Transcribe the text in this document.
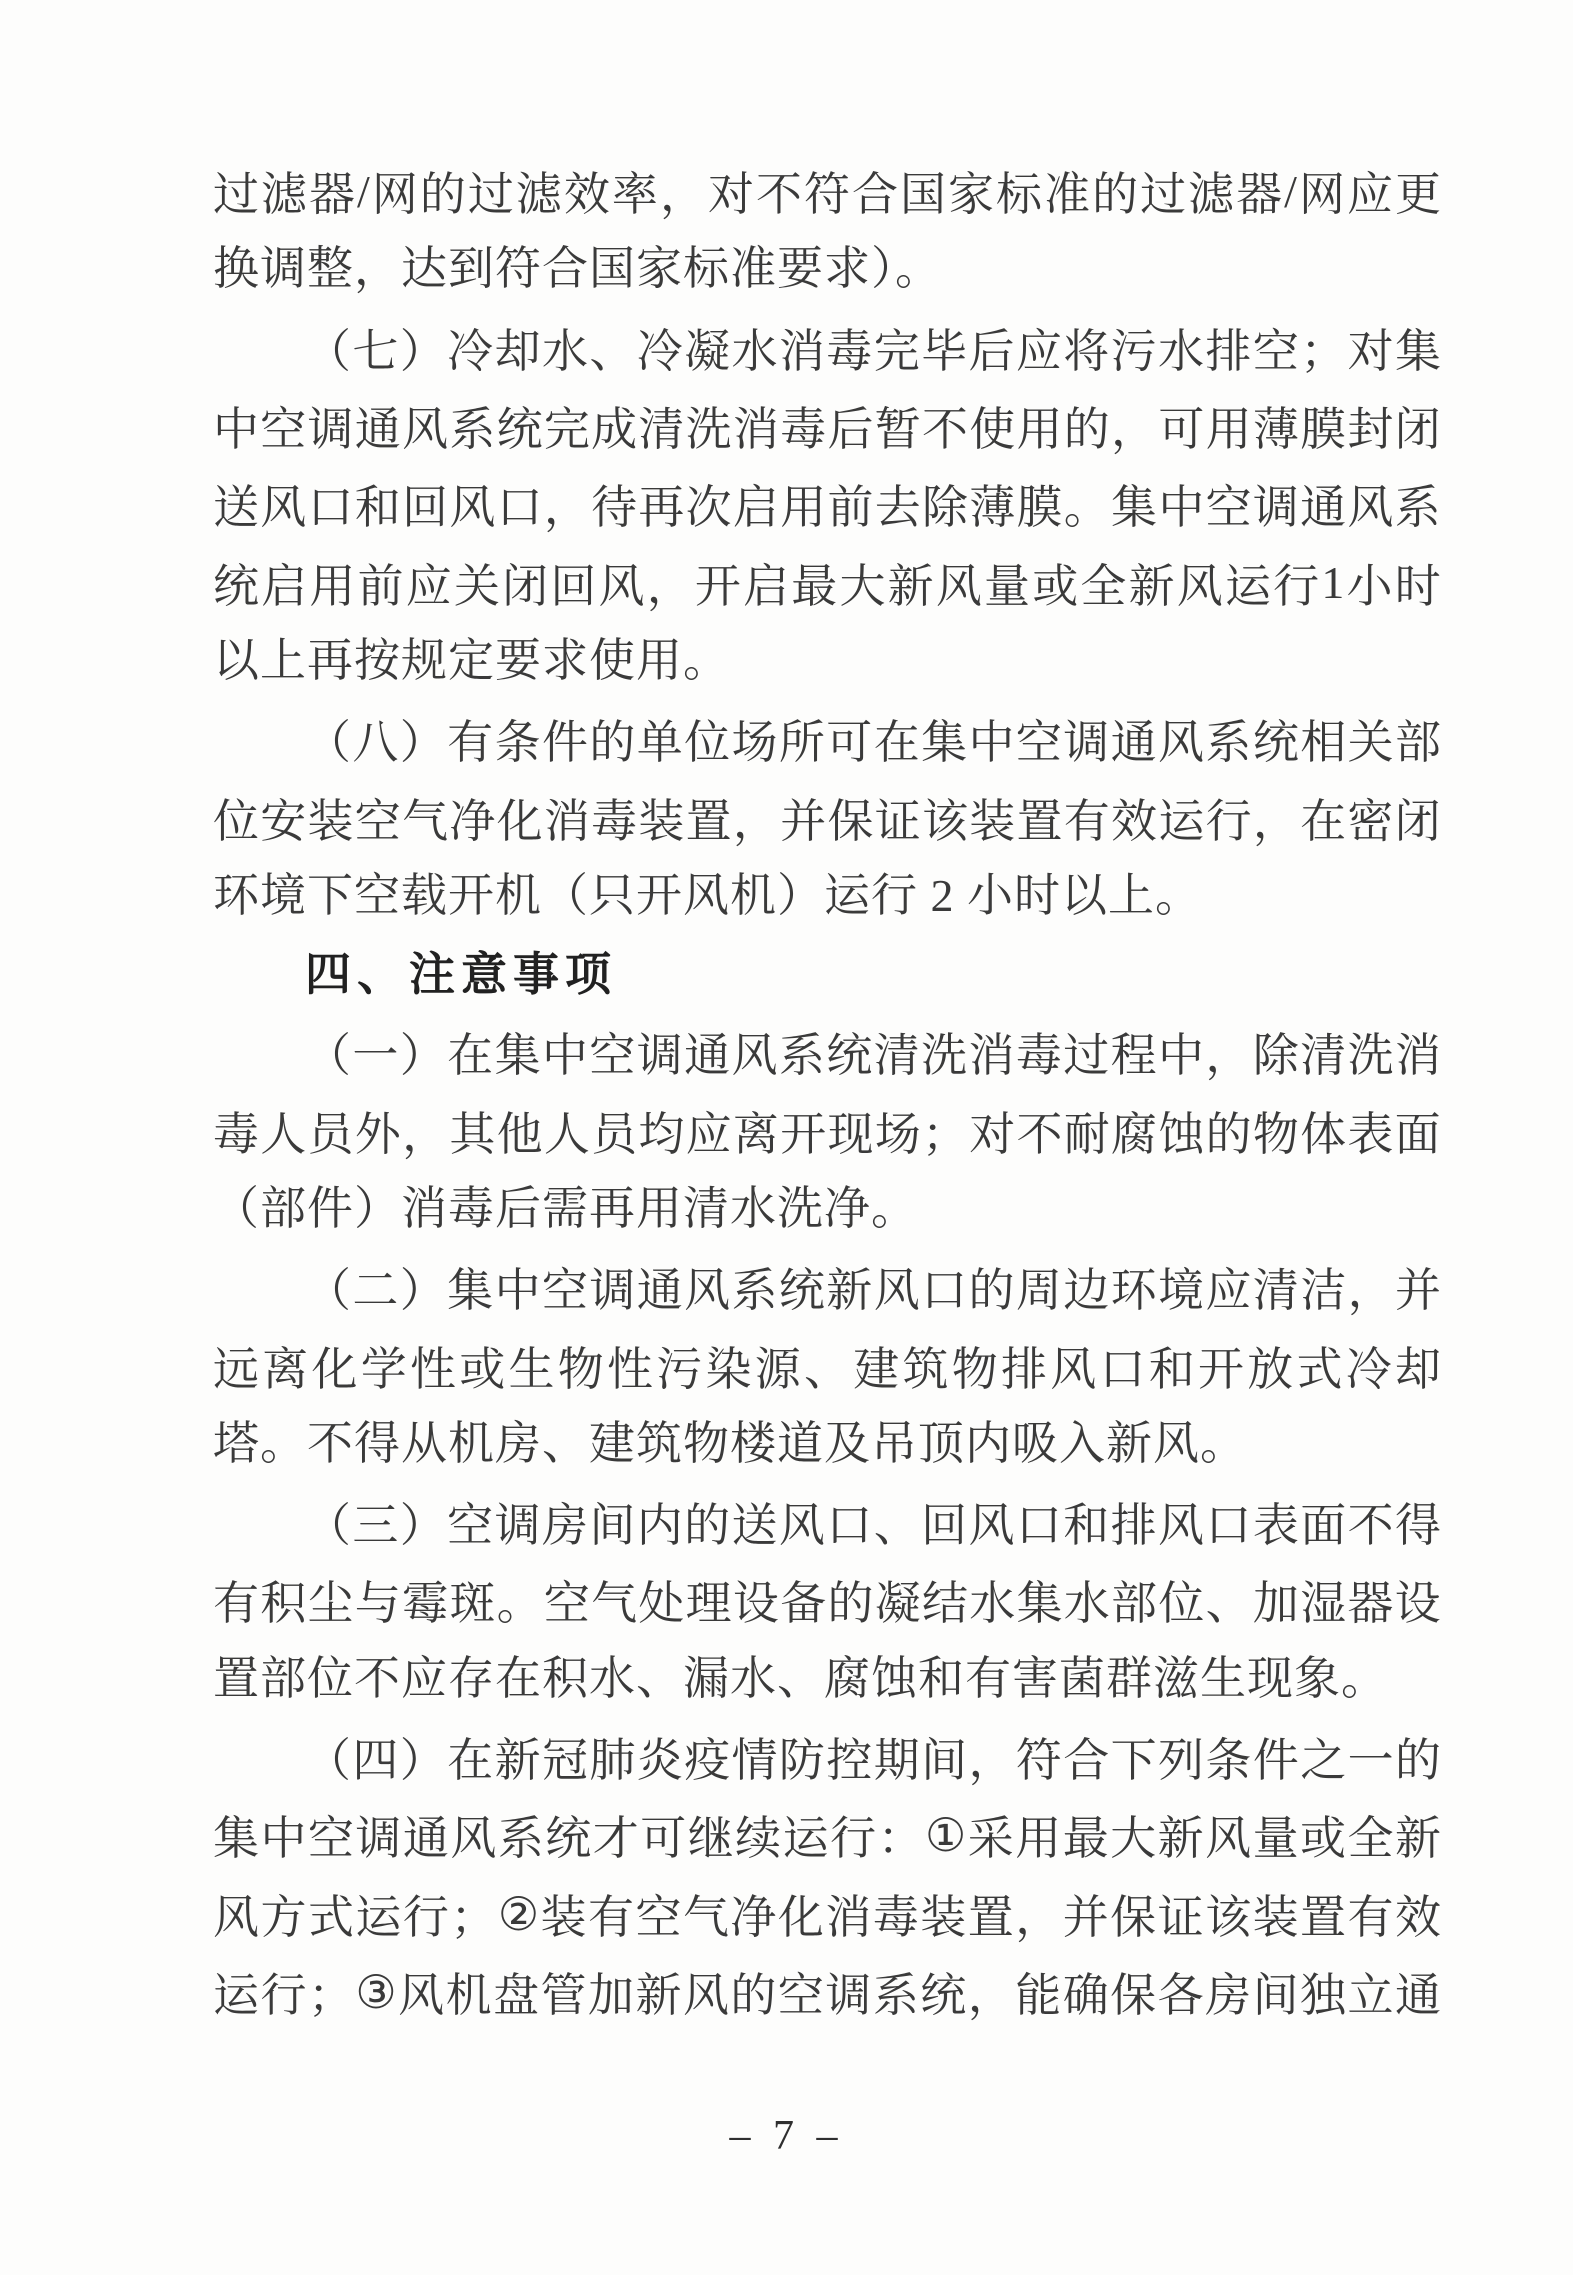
过 滤 器 / 网 的 过 滤 效 率 ， 对 不 符 合 国 家 标 准 的 过 滤 器 / 网 应 更
换调整，达到符合国家标准要求）。
（ 七 ） 冷 却 水 、 冷 凝 水 消 毒 完 毕 后 应 将 污 水 排 空 ； 对 集
中 空 调 通 风 系 统 完 成 清 洗 消 毒 后 暂 不 使 用 的 ， 可 用 薄 膜 封 闭
送 风 口 和 回 风 口 ， 待 再 次 启 用 前 去 除 薄 膜 。 集 中 空 调 通 风 系
统 启 用 前 应 关 闭 回 风 ， 开 启 最 大 新 风 量 或 全 新 风 运 行 1 小 时
以上再按规定要求使用。
（ 八 ） 有 条 件 的 单 位 场 所 可 在 集 中 空 调 通 风 系 统 相 关 部
位 安 装 空 气 净 化 消 毒 装 置 ， 并 保 证 该 装 置 有 效 运 行 ， 在 密 闭
环境下空载开机（只开风机）运行 2 小时以上。
四、注意事项
（ 一 ） 在 集 中 空 调 通 风 系 统 清 洗 消 毒 过 程 中 ， 除 清 洗 消
毒 人 员 外 ， 其 他 人 员 均 应 离 开 现 场 ； 对 不 耐 腐 蚀 的 物 体 表 面
（部件）消毒后需再用清水洗净。
（ 二 ） 集 中 空 调 通 风 系 统 新 风 口 的 周 边 环 境 应 清 洁 ， 并
远 离 化 学 性 或 生 物 性 污 染 源 、 建 筑 物 排 风 口 和 开 放 式 冷 却
塔。不得从机房、建筑物楼道及吊顶内吸入新风。
（ 三 ） 空 调 房 间 内 的 送 风 口 、 回 风 口 和 排 风 口 表 面 不 得
有 积 尘 与 霉 斑 。 空 气 处 理 设 备 的 凝 结 水 集 水 部 位 、 加 湿 器 设
置部位不应存在积水、漏水、腐蚀和有害菌群滋生现象。
（ 四 ） 在 新 冠 肺 炎 疫 情 防 控 期 间 ， 符 合 下 列 条 件 之 一 的
集 中 空 调 通 风 系 统 才 可 继 续 运 行 ： ① 采 用 最 大 新 风 量 或 全 新
风 方 式 运 行 ； ② 装 有 空 气 净 化 消 毒 装 置 ， 并 保 证 该 装 置 有 效
运 行 ； ③ 风 机 盘 管 加 新 风 的 空 调 系 统 ， 能 确 保 各 房 间 独 立 通
– 7 –
